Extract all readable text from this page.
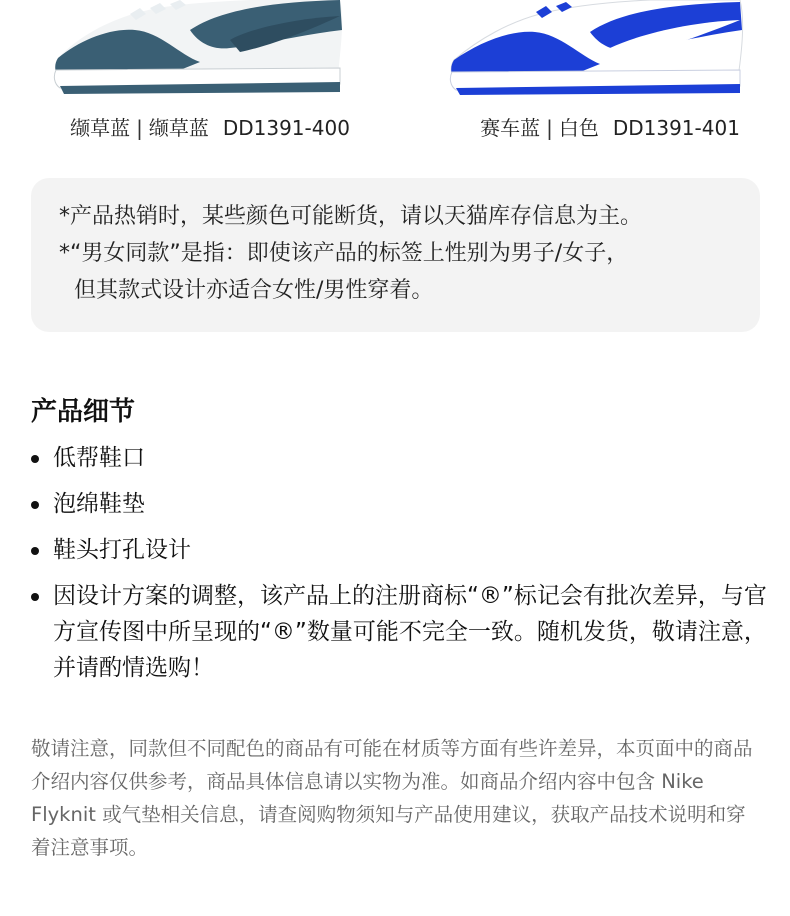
缬草蓝 | 缬草蓝 DD1391-400	赛车蓝 | 白色 DD1391-401

*产品热销时，某些颜色可能断货，请以天猫库存信息为主。

*“男女同款”是指：即使该产品的标签上性别为男子/女子，

但其款式设计亦适合女性/男性穿着。

产品细节
低帮鞋口
泡绵鞋垫
鞋头打孔设计
因设计方案的调整，该产品上的注册商标“®”标记会有批次差异，与官方宣传图中所呈现的“®”数量可能不完全一致。随机发货，敬请注意，并请酌情选购！
敬请注意，同款但不同配色的商品有可能在材质等方面有些许差异，本页面中的商品介绍内容仅供参考，商品具体信息请以实物为准。如商品介绍内容中包含 Nike Flyknit 或气垫相关信息，请查阅购物须知与产品使用建议，获取产品技术说明和穿着注意事项。
